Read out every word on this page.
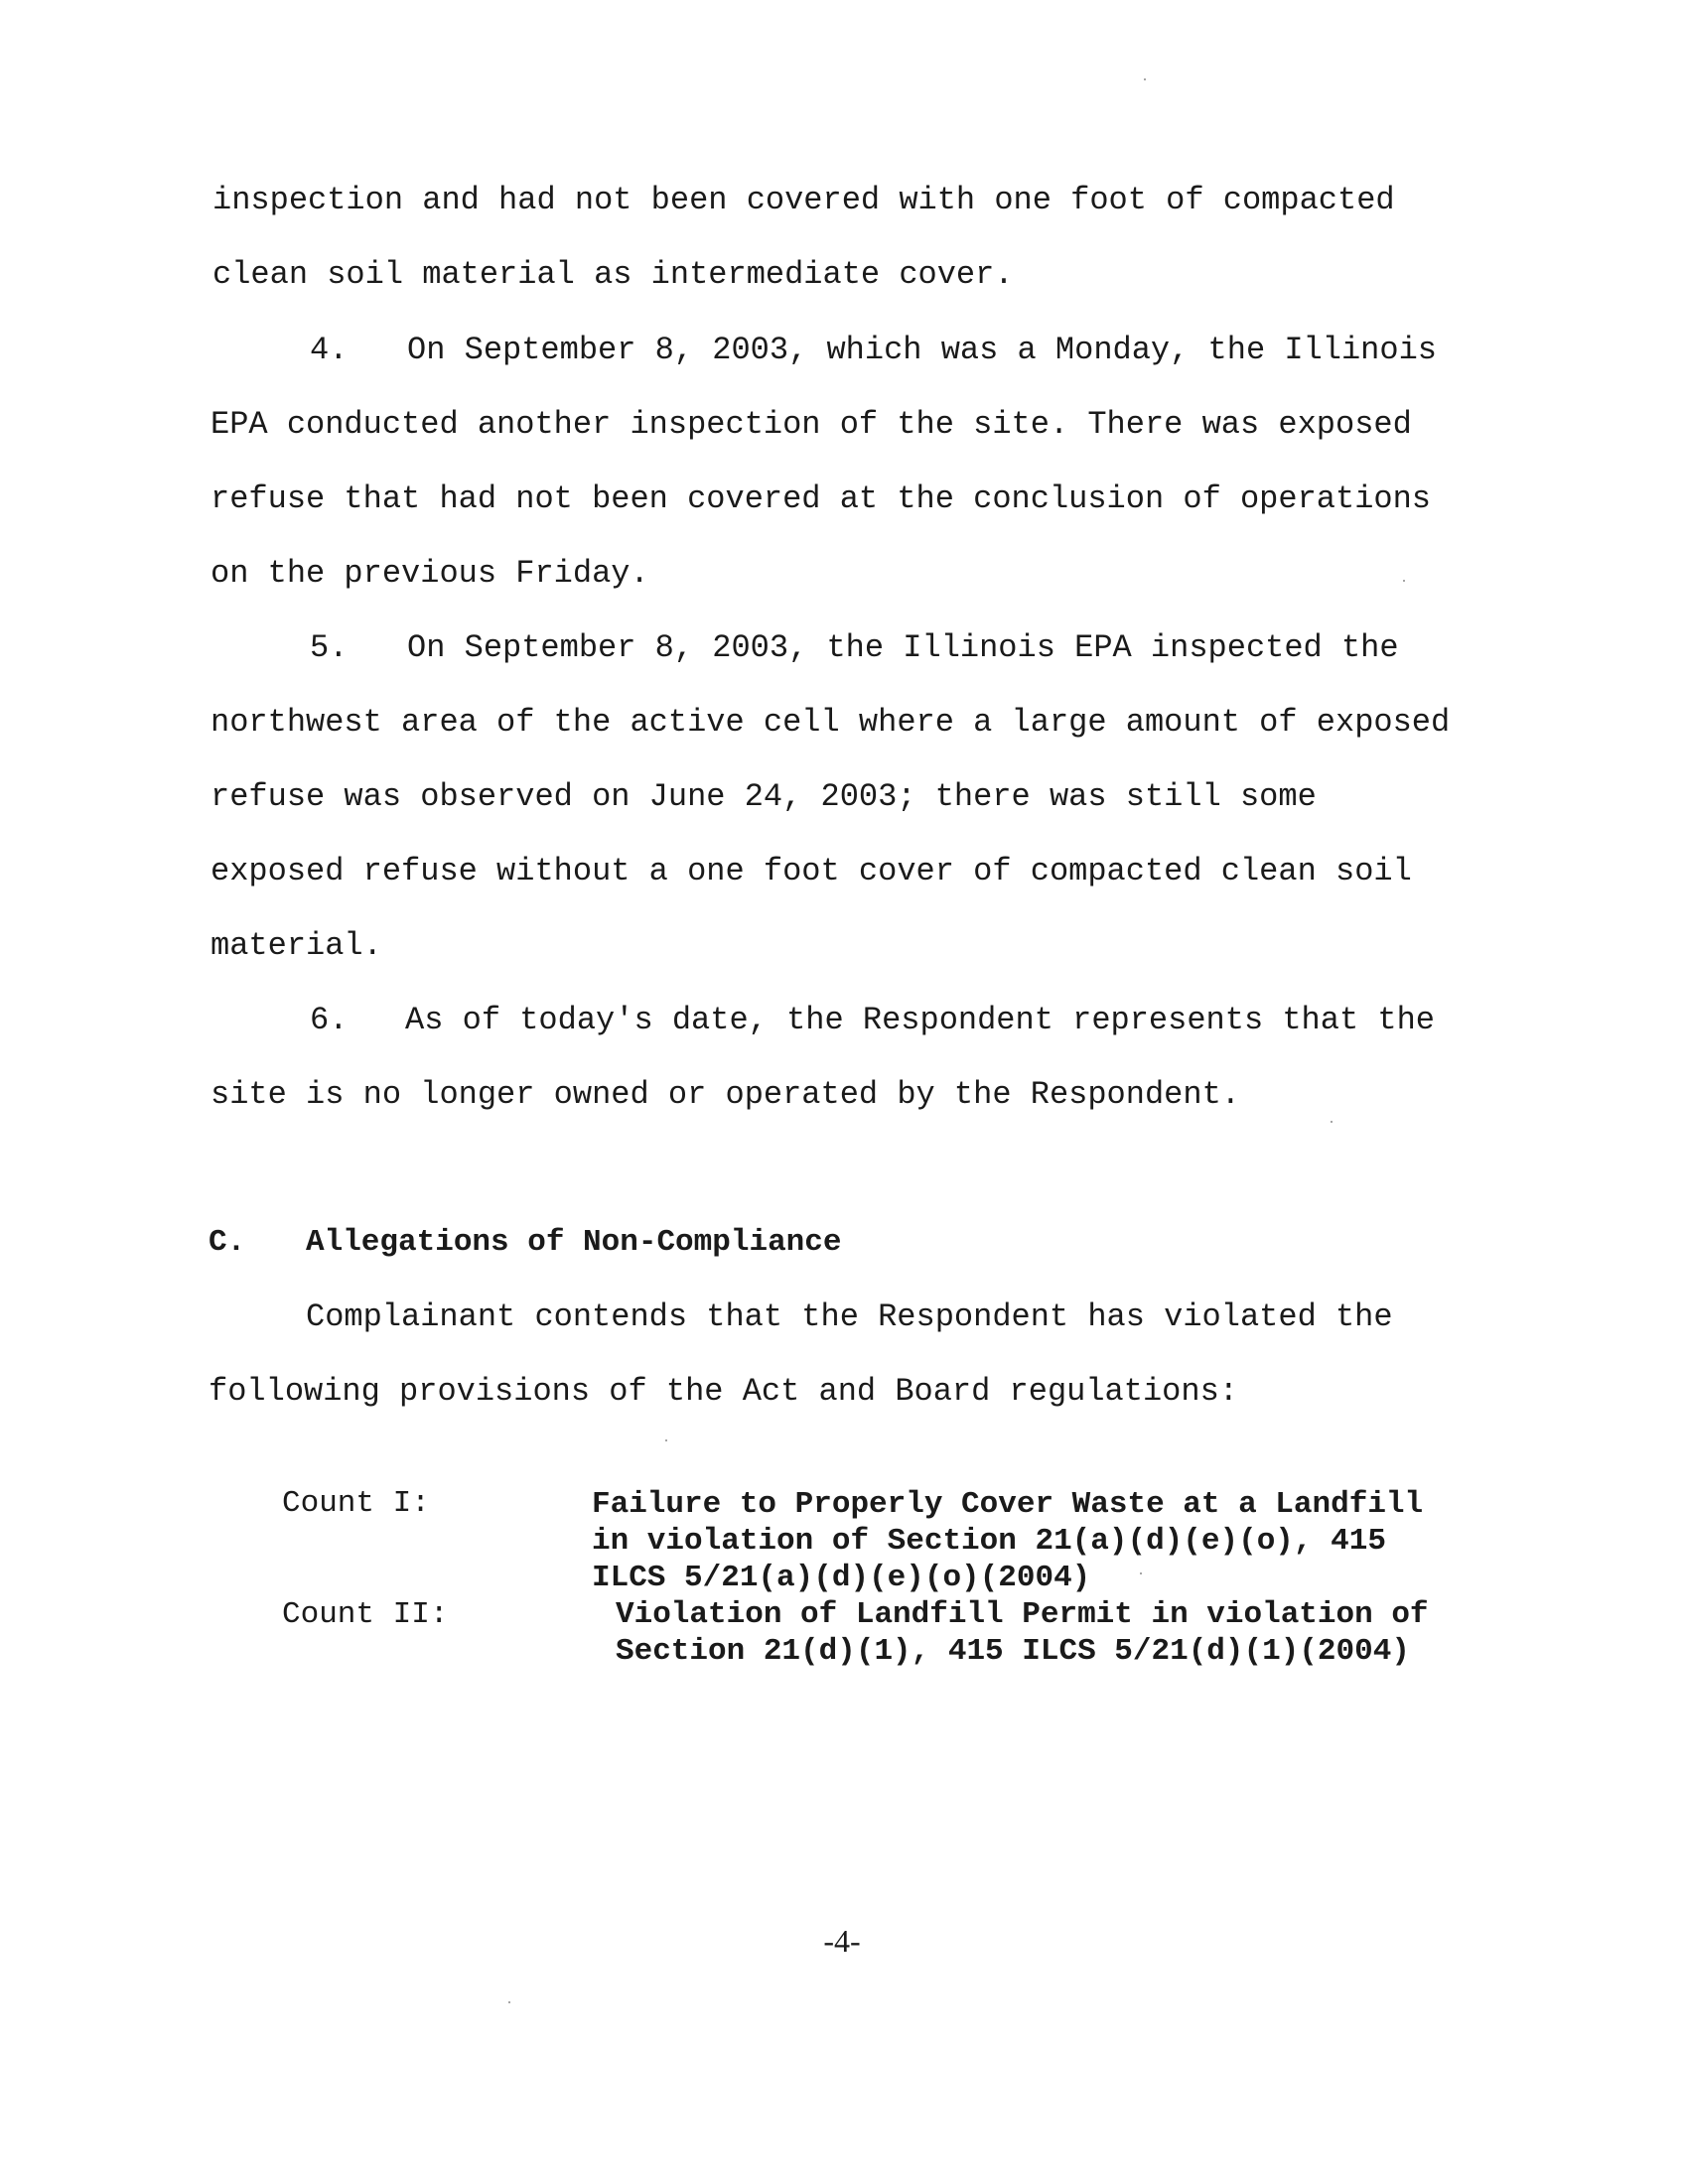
inspection and had not been covered with one foot of compacted
clean soil material as intermediate cover.
4. On September 8, 2003, which was a Monday, the Illinois
EPA conducted another inspection of the site. There was exposed
refuse that had not been covered at the conclusion of operations
on the previous Friday.
5. On September 8, 2003, the Illinois EPA inspected the
northwest area of the active cell where a large amount of exposed
refuse was observed on June 24, 2003; there was still some
exposed refuse without a one foot cover of compacted clean soil
material.
6. As of today's date, the Respondent represents that the
site is no longer owned or operated by the Respondent.
C. Allegations of Non-Compliance
Complainant contends that the Respondent has violated the
following provisions of the Act and Board regulations:
Count I:	Failure to Properly Cover Waste at a Landfill
in violation of Section 21(a)(d)(e)(o), 415
ILCS 5/21(a)(d)(e)(o)(2004)
Count II:	Violation of Landfill Permit in violation of
Section 21(d)(1), 415 ILCS 5/21(d)(1)(2004)
-4-
